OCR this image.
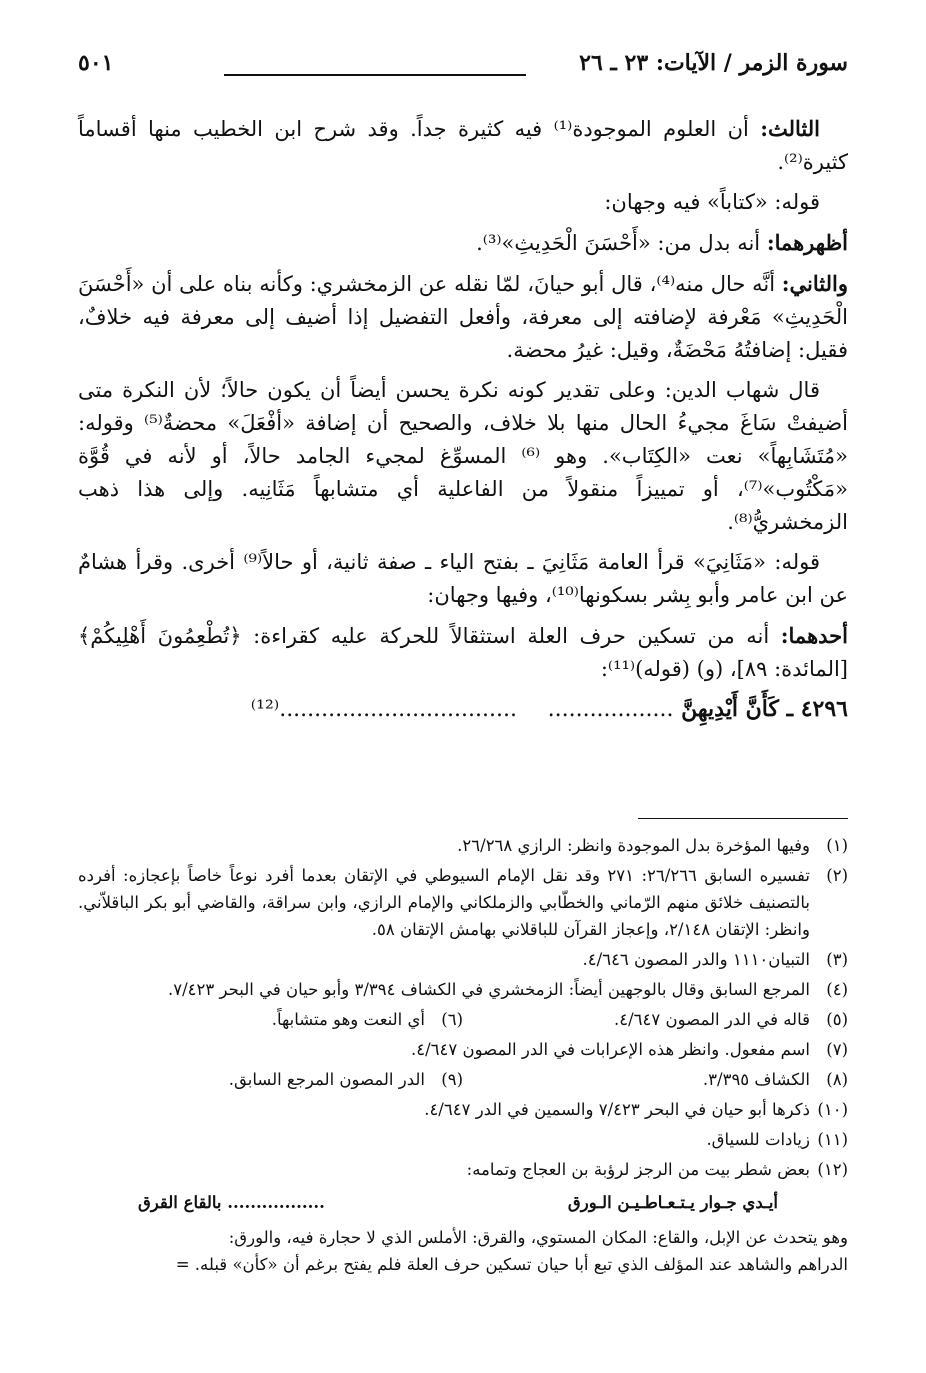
سورة الزمر / الآيات: ٢٣ ـ ٢٦
٥٠١

الثالث: أن العلوم الموجودة⁽¹⁾ فيه كثيرة جداً. وقد شرح ابن الخطيب منها أقساماً كثيرة⁽²⁾.

قوله: «كتاباً» فيه وجهان:

أظهرهما: أنه بدل من: «أَحْسَنَ الْحَدِيثِ»⁽³⁾.

والثاني: أنَّه حال منه⁽⁴⁾، قال أبو حيانَ، لمّا نقله عن الزمخشري: وكأنه بناه على أن «أَحْسَنَ الْحَدِيثِ» مَعْرفة لإضافته إلى معرفة، وأفعل التفضيل إذا أضيف إلى معرفة فيه خلافٌ، فقيل: إضافتُهُ مَحْضَةٌ، وقيل: غيرُ محضة.

قال شهاب الدين: وعلى تقدير كونه نكرة يحسن أيضاً أن يكون حالاً؛ لأن النكرة متى أضيفتْ سَاغَ مجيءُ الحال منها بلا خلاف، والصحيح أن إضافة «أفْعَلَ» محضةٌ⁽⁵⁾ وقوله: «مُتَشَابِهاً» نعت «الكِتَاب». وهو ⁽⁶⁾ المسوِّغ لمجيء الجامد حالاً، أو لأنه في قُوَّة «مَكْتُوب»⁽⁷⁾، أو تمييزاً منقولاً من الفاعلية أي متشابهاً مَثَانِيه. وإلى هذا ذهب الزمخشريُّ⁽⁸⁾.

قوله: «مَثَانِيَ» قرأ العامة مَثَانِيَ ـ بفتح الياء ـ صفة ثانية، أو حالاً⁽⁹⁾ أخرى. وقرأ هشامٌ عن ابن عامر وأبو بِشر بسكونها⁽¹⁰⁾، وفيها وجهان:

أحدهما: أنه من تسكين حرف العلة استثقالاً للحركة عليه كقراءة: ﴿تُطْعِمُونَ أَهْلِيكُمْ﴾ [المائدة: ٨٩]، (و) (قوله)⁽¹¹⁾:

٤٢٩٦ ـ كَأَنَّ أَيْدِيهِنَّ ..................    ..................................⁽¹²⁾
(١)
وفيها المؤخرة بدل الموجودة وانظر: الرازي ٢٦/٢٦٨.
(٢)
تفسيره السابق ٢٦/٢٦٦: ٢٧١ وقد نقل الإمام السيوطي في الإتقان بعدما أفرد نوعاً خاصاً بإعجازه: أفرده بالتصنيف خلائق منهم الرّماني والخطّابي والزملكاني والإمام الرازي، وابن سراقة، والقاضي أبو بكر الباقلاّني. وانظر: الإتقان ٢/١٤٨، وإعجاز القرآن للباقلاني بهامش الإتقان ٥٨.
(٣)
التبيان١١١٠ والدر المصون ٤/٦٤٦.
(٤)
المرجع السابق وقال بالوجهين أيضاً: الزمخشري في الكشاف ٣/٣٩٤ وأبو حيان في البحر ٧/٤٢٣.
(٥)
قاله في الدر المصون ٤/٦٤٧.
(٦)
أي النعت وهو متشابهاً.
(٧)
اسم مفعول. وانظر هذه الإعرابات في الدر المصون ٤/٦٤٧.
(٨)
الكشاف ٣/٣٩٥.
(٩)
الدر المصون المرجع السابق.
(١٠)
ذكرها أبو حيان في البحر ٧/٤٢٣ والسمين في الدر ٤/٦٤٧.
(١١)
زيادات للسياق.
(١٢)
بعض شطر بيت من الرجز لرؤبة بن العجاج وتمامه:
أيـدي جـوار يـتـعـاطـيـن الـورق
................. بالقاع القرق

وهو يتحدث عن الإبل، والقاع: المكان المستوي، والقرق: الأملس الذي لا حجارة فيه، والورق:

الدراهم والشاهد عند المؤلف الذي تبع أبا حيان تسكين حرف العلة فلم يفتح برغم أن «كأن» قبله. =
